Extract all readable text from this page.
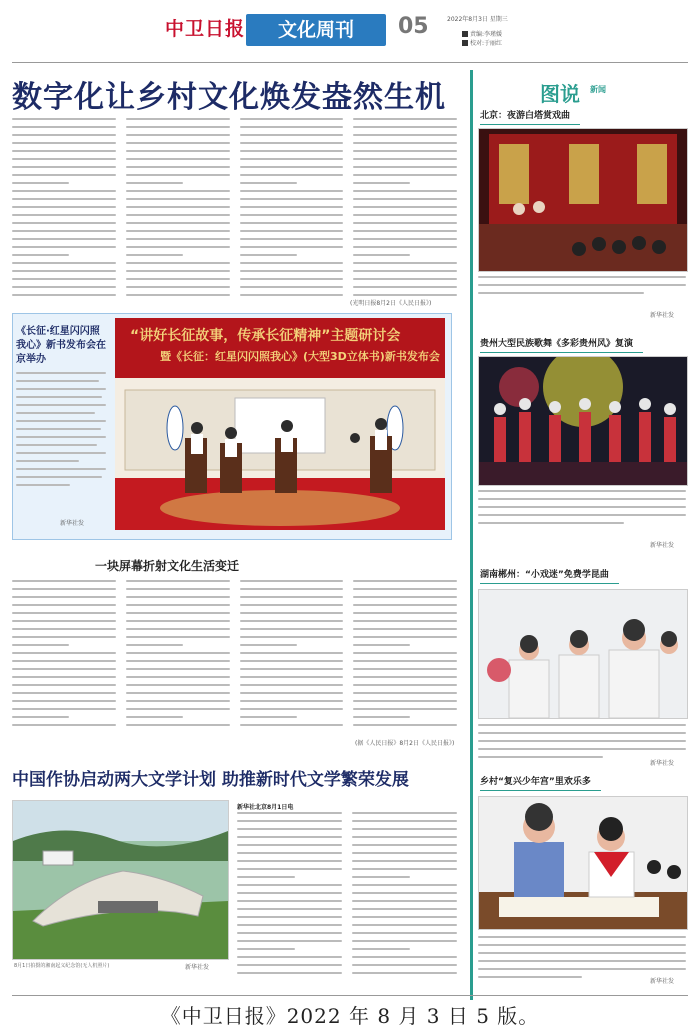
中卫日报	文化周刊	05	2022年8月3日 星期三
责编:李瑾媛
校对:于丽红
数字化让乡村文化焕发盎然生机
(光明日报8月2日《人民日报》)
《长征·红星闪闪照我心》新书发布会在京举办
新华社发
“讲好长征故事，传承长征精神”主题研讨会
暨《长征：红星闪闪照我心》(大型3D立体书)新书发布会
一块屏幕折射文化生活变迁
(据《人民日报》8月2日《人民日报》)
中国作协启动两大文学计划 助推新时代文学繁荣发展
8月1日拍摄的湘南起义纪念馆(无人机照片)	新华社发
新华社北京8月1日电
图说 新闻
北京：夜游白塔赏戏曲
新华社发
贵州大型民族歌舞《多彩贵州风》复演
新华社发
湖南郴州：“小戏迷”免费学昆曲
新华社发
乡村“复兴少年宫”里欢乐多
新华社发
《中卫日报》2022 年 8 月 3 日 5 版。
